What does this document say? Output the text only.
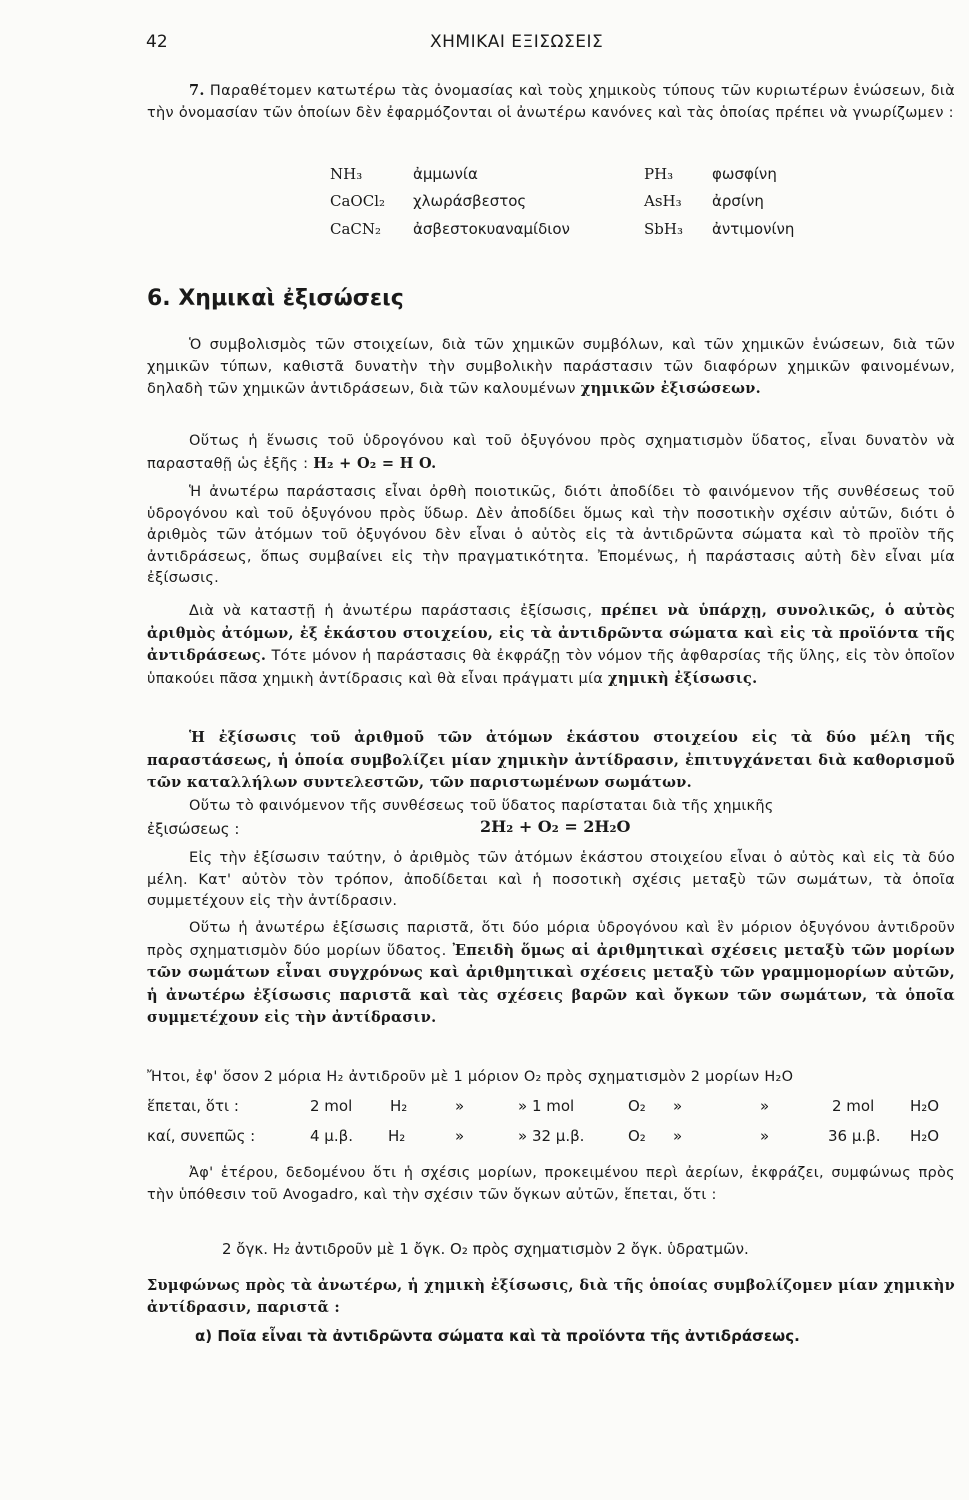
42	ΧΗΜΙΚΑΙ ΕΞΙΣΩΣΕΙΣ

7. Παραθέτομεν κατωτέρω τὰς ὀνομασίας καὶ τοὺς χημικοὺς τύπους τῶν κυριωτέρων ἑνώσεων, διὰ τὴν ὀνομασίαν τῶν ὁποίων δὲν ἐφαρμόζονται οἱ ἀνωτέρω κανόνες καὶ τὰς ὁποίας πρέπει νὰ γνωρίζωμεν :

NH₃	ἀμμωνία	PH₃	φωσφίνη
CaOCl₂ χλωράσβεστος	AsH₃ ἀρσίνη
CaCN₂ ἀσβεστοκυαναμίδιον	SbH₃ ἀντιμονίνη
6. Χημικαὶ ἐξισώσεις

Ὁ συμβολισμὸς τῶν στοιχείων, διὰ τῶν χημικῶν συμβόλων, καὶ τῶν χημικῶν ἑνώσεων, διὰ τῶν χημικῶν τύπων, καθιστᾶ δυνατὴν τὴν συμβολικὴν παράστασιν τῶν διαφόρων χημικῶν φαινομένων, δηλαδὴ τῶν χημικῶν ἀντιδράσεων, διὰ τῶν καλουμένων χημικῶν ἐξισώσεων.

Οὕτως ἡ ἕνωσις τοῦ ὑδρογόνου καὶ τοῦ ὀξυγόνου πρὸς σχηματισμὸν ὕδατος, εἶναι δυνατὸν νὰ παρασταθῇ ὡς ἑξῆς : H₂ + O₂ = H O.

Ἡ ἀνωτέρω παράστασις εἶναι ὀρθὴ ποιοτικῶς, διότι ἀποδίδει τὸ φαινόμενον τῆς συνθέσεως τοῦ ὑδρογόνου καὶ τοῦ ὀξυγόνου πρὸς ὕδωρ. Δὲν ἀποδίδει ὅμως καὶ τὴν ποσοτικὴν σχέσιν αὐτῶν, διότι ὁ ἀριθμὸς τῶν ἀτόμων τοῦ ὀξυγόνου δὲν εἶναι ὁ αὐτὸς εἰς τὰ ἀντιδρῶντα σώματα καὶ τὸ προϊὸν τῆς ἀντιδράσεως, ὅπως συμβαίνει εἰς τὴν πραγματικότητα. Ἐπομένως, ἡ παράστασις αὐτὴ δὲν εἶναι μία ἐξίσωσις.

Διὰ νὰ καταστῇ ἡ ἀνωτέρω παράστασις ἐξίσωσις, πρέπει νὰ ὑπάρχῃ, συνολικῶς, ὁ αὐτὸς ἀριθμὸς ἀτόμων, ἐξ ἑκάστου στοιχείου, εἰς τὰ ἀντιδρῶντα σώματα καὶ εἰς τὰ προϊόντα τῆς ἀντιδράσεως. Τότε μόνον ἡ παράστασις θὰ ἐκφράζῃ τὸν νόμον τῆς ἀφθαρσίας τῆς ὕλης, εἰς τὸν ὁποῖον ὑπακούει πᾶσα χημικὴ ἀντίδρασις καὶ θὰ εἶναι πράγματι μία χημικὴ ἐξίσωσις.

Ἡ ἐξίσωσις τοῦ ἀριθμοῦ τῶν ἀτόμων ἑκάστου στοιχείου εἰς τὰ δύο μέλη τῆς παραστάσεως, ἡ ὁποία συμβολίζει μίαν χημικὴν ἀντίδρασιν, ἐπιτυγχάνεται διὰ καθορισμοῦ τῶν καταλλήλων συντελεστῶν, τῶν παριστωμένων σωμάτων.

Οὕτω τὸ φαινόμενον τῆς συνθέσεως τοῦ ὕδατος παρίσταται διὰ τῆς χημικῆς

ἐξισώσεως :	2H₂ + O₂ = 2H₂O

Εἰς τὴν ἐξίσωσιν ταύτην, ὁ ἀριθμὸς τῶν ἀτόμων ἑκάστου στοιχείου εἶναι ὁ αὐτὸς καὶ εἰς τὰ δύο μέλη. Κατ' αὐτὸν τὸν τρόπον, ἀποδίδεται καὶ ἡ ποσοτικὴ σχέσις μεταξὺ τῶν σωμάτων, τὰ ὁποῖα συμμετέχουν εἰς τὴν ἀντίδρασιν.

Οὕτω ἡ ἀνωτέρω ἐξίσωσις παριστᾶ, ὅτι δύο μόρια ὑδρογόνου καὶ ἓν μόριον ὀξυγόνου ἀντιδροῦν πρὸς σχηματισμὸν δύο μορίων ὕδατος. Ἐπειδὴ ὅμως αἱ ἀριθμητικαὶ σχέσεις μεταξὺ τῶν μορίων τῶν σωμάτων εἶναι συγχρόνως καὶ ἀριθμητικαὶ σχέσεις μεταξὺ τῶν γραμμομορίων αὐτῶν, ἡ ἀνωτέρω ἐξίσωσις παριστᾶ καὶ τὰς σχέσεις βαρῶν καὶ ὄγκων τῶν σωμάτων, τὰ ὁποῖα συμμετέχουν εἰς τὴν ἀντίδρασιν.

Ἤτοι, ἐφ' ὅσον 2 μόρια H₂ ἀντιδροῦν μὲ 1 μόριον O₂ πρὸς σχηματισμὸν 2 μορίων H₂O

ἕπεται, ὅτι :	2 mol	H₂	»	» 1 mol	O₂ »	»	2 mol H₂O
καί, συνεπῶς :	4 μ.β. H₂	»	» 32 μ.β.	O₂ »	»	36 μ.β. H₂O

Ἀφ' ἑτέρου, δεδομένου ὅτι ἡ σχέσις μορίων, προκειμένου περὶ ἀερίων, ἐκφράζει, συμφώνως πρὸς τὴν ὑπόθεσιν τοῦ Avogadro, καὶ τὴν σχέσιν τῶν ὄγκων αὐτῶν, ἕπεται, ὅτι :

2 ὄγκ. H₂ ἀντιδροῦν μὲ 1 ὄγκ. O₂ πρὸς σχηματισμὸν 2 ὄγκ. ὑδρατμῶν.

Συμφώνως πρὸς τὰ ἀνωτέρω, ἡ χημικὴ ἐξίσωσις, διὰ τῆς ὁποίας συμβολίζομεν μίαν χημικὴν ἀντίδρασιν, παριστᾶ :

α) Ποῖα εἶναι τὰ ἀντιδρῶντα σώματα καὶ τὰ προϊόντα τῆς ἀντιδράσεως.
